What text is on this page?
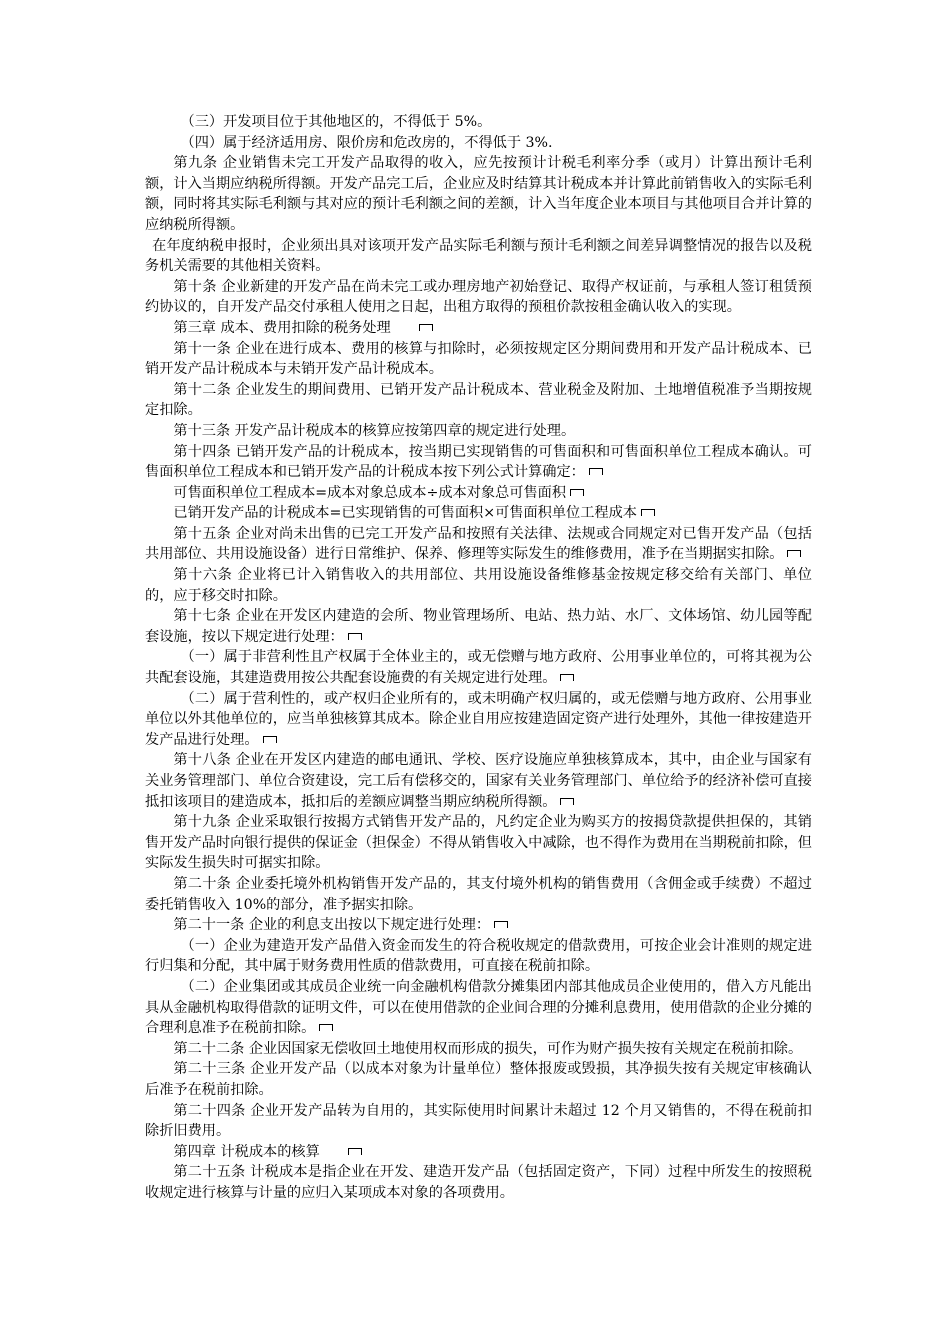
（三）开发项目位于其他地区的，不得低于 5%。

（四）属于经济适用房、限价房和危改房的，不得低于 3%.

第九条 企业销售未完工开发产品取得的收入，应先按预计计税毛利率分季（或月）计算出预计毛利额，计入当期应纳税所得额。开发产品完工后，企业应及时结算其计税成本并计算此前销售收入的实际毛利额，同时将其实际毛利额与其对应的预计毛利额之间的差额，计入当年度企业本项目与其他项目合并计算的应纳税所得额。

在年度纳税申报时，企业须出具对该项开发产品实际毛利额与预计毛利额之间差异调整情况的报告以及税务机关需要的其他相关资料。

第十条 企业新建的开发产品在尚未完工或办理房地产初始登记、取得产权证前，与承租人签订租赁预约协议的，自开发产品交付承租人使用之日起，出租方取得的预租价款按租金确认收入的实现。

第三章 成本、费用扣除的税务处理

第十一条 企业在进行成本、费用的核算与扣除时，必须按规定区分期间费用和开发产品计税成本、已销开发产品计税成本与未销开发产品计税成本。

第十二条 企业发生的期间费用、已销开发产品计税成本、营业税金及附加、土地增值税准予当期按规定扣除。

第十三条 开发产品计税成本的核算应按第四章的规定进行处理。

第十四条 已销开发产品的计税成本，按当期已实现销售的可售面积和可售面积单位工程成本确认。可售面积单位工程成本和已销开发产品的计税成本按下列公式计算确定：

可售面积单位工程成本=成本对象总成本÷成本对象总可售面积

已销开发产品的计税成本=已实现销售的可售面积×可售面积单位工程成本

第十五条 企业对尚未出售的已完工开发产品和按照有关法律、法规或合同规定对已售开发产品（包括共用部位、共用设施设备）进行日常维护、保养、修理等实际发生的维修费用，准予在当期据实扣除。

第十六条 企业将已计入销售收入的共用部位、共用设施设备维修基金按规定移交给有关部门、单位的，应于移交时扣除。

第十七条 企业在开发区内建造的会所、物业管理场所、电站、热力站、水厂、文体场馆、幼儿园等配套设施，按以下规定进行处理：

（一）属于非营利性且产权属于全体业主的，或无偿赠与地方政府、公用事业单位的，可将其视为公共配套设施，其建造费用按公共配套设施费的有关规定进行处理。

（二）属于营利性的，或产权归企业所有的，或未明确产权归属的，或无偿赠与地方政府、公用事业单位以外其他单位的，应当单独核算其成本。除企业自用应按建造固定资产进行处理外，其他一律按建造开发产品进行处理。

第十八条 企业在开发区内建造的邮电通讯、学校、医疗设施应单独核算成本，其中，由企业与国家有关业务管理部门、单位合资建设，完工后有偿移交的，国家有关业务管理部门、单位给予的经济补偿可直接抵扣该项目的建造成本，抵扣后的差额应调整当期应纳税所得额。

第十九条 企业采取银行按揭方式销售开发产品的，凡约定企业为购买方的按揭贷款提供担保的，其销售开发产品时向银行提供的保证金（担保金）不得从销售收入中减除，也不得作为费用在当期税前扣除，但实际发生损失时可据实扣除。

第二十条 企业委托境外机构销售开发产品的，其支付境外机构的销售费用（含佣金或手续费）不超过委托销售收入 10%的部分，准予据实扣除。

第二十一条 企业的利息支出按以下规定进行处理：

（一）企业为建造开发产品借入资金而发生的符合税收规定的借款费用，可按企业会计准则的规定进行归集和分配，其中属于财务费用性质的借款费用，可直接在税前扣除。

（二）企业集团或其成员企业统一向金融机构借款分摊集团内部其他成员企业使用的，借入方凡能出具从金融机构取得借款的证明文件，可以在使用借款的企业间合理的分摊利息费用，使用借款的企业分摊的合理利息准予在税前扣除。

第二十二条 企业因国家无偿收回土地使用权而形成的损失，可作为财产损失按有关规定在税前扣除。

第二十三条 企业开发产品（以成本对象为计量单位）整体报废或毁损，其净损失按有关规定审核确认后准予在税前扣除。

第二十四条 企业开发产品转为自用的，其实际使用时间累计未超过 12 个月又销售的，不得在税前扣除折旧费用。

第四章 计税成本的核算

第二十五条 计税成本是指企业在开发、建造开发产品（包括固定资产，下同）过程中所发生的按照税收规定进行核算与计量的应归入某项成本对象的各项费用。
